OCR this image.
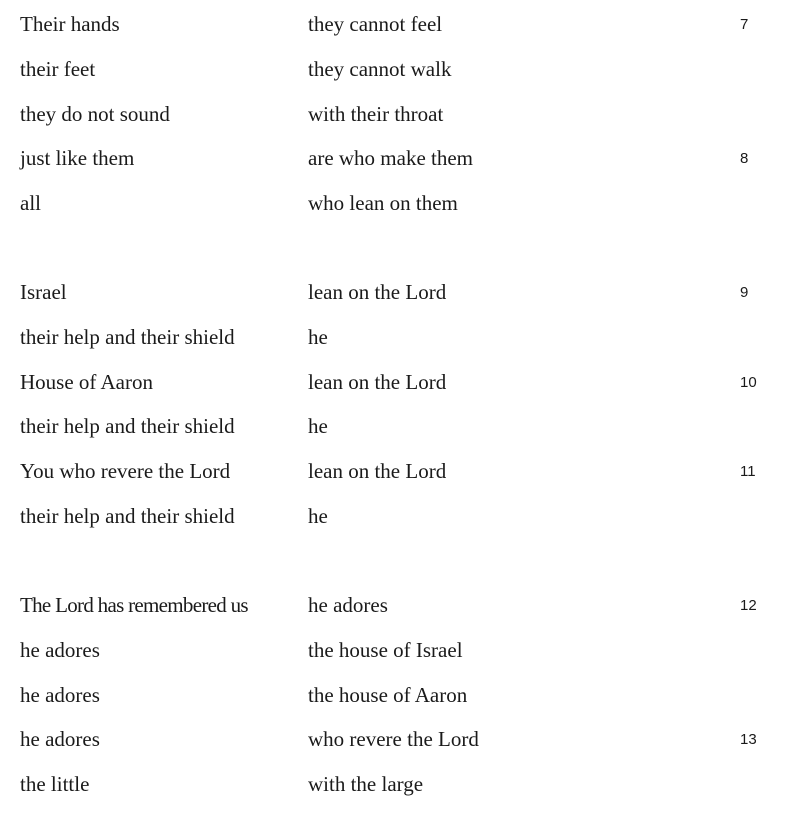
Their hands	they cannot feel	7
their feet	they cannot walk
they do not sound	with their throat
just like them	are who make them	8
all	who lean on them
Israel	lean on the Lord	9
their help and their shield	he
House of Aaron	lean on the Lord	10
their help and their shield	he
You who revere the Lord	lean on the Lord	11
their help and their shield	he
The Lord has remembered us	he adores	12
he adores	the house of Israel
he adores	the house of Aaron
he adores	who revere the Lord	13
the little	with the large
